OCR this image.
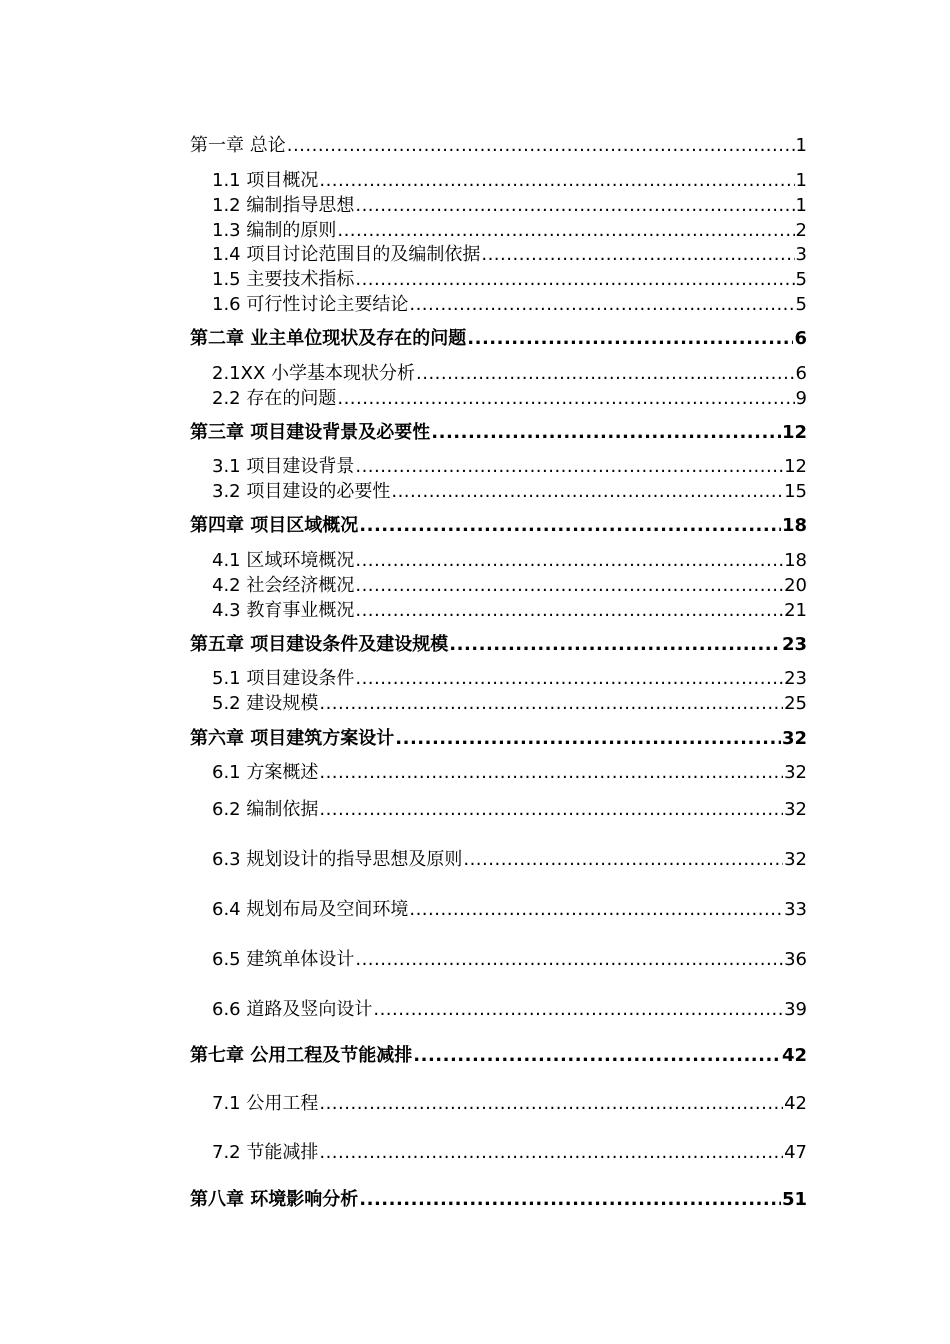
第一章 总论 .....	1
1.1 项目概况 .....	1
1.2 编制指导思想 .....	1
1.3 编制的原则 .....	2
1.4 项目讨论范围目的及编制依据 .....	3
1.5 主要技术指标 .....	5
1.6 可行性讨论主要结论 .....	5
第二章 业主单位现状及存在的问题 .....	6
2.1XX 小学基本现状分析 .....	6
2.2 存在的问题 .....	9
第三章 项目建设背景及必要性 .....	12
3.1 项目建设背景 .....	12
3.2 项目建设的必要性 .....	15
第四章 项目区域概况 .....	18
4.1 区域环境概况 .....	18
4.2 社会经济概况 .....	20
4.3 教育事业概况 .....	21
第五章 项目建设条件及建设规模 .....	23
5.1 项目建设条件 .....	23
5.2 建设规模 .....	25
第六章 项目建筑方案设计 .....	32
6.1 方案概述 .....	32
6.2 编制依据 .....	32
6.3 规划设计的指导思想及原则 .....	32
6.4 规划布局及空间环境 .....	33
6.5 建筑单体设计 .....	36
6.6 道路及竖向设计 .....	39
第七章 公用工程及节能减排 .....	42
7.1 公用工程 .....	42
7.2 节能减排 .....	47
第八章 环境影响分析 .....	51
